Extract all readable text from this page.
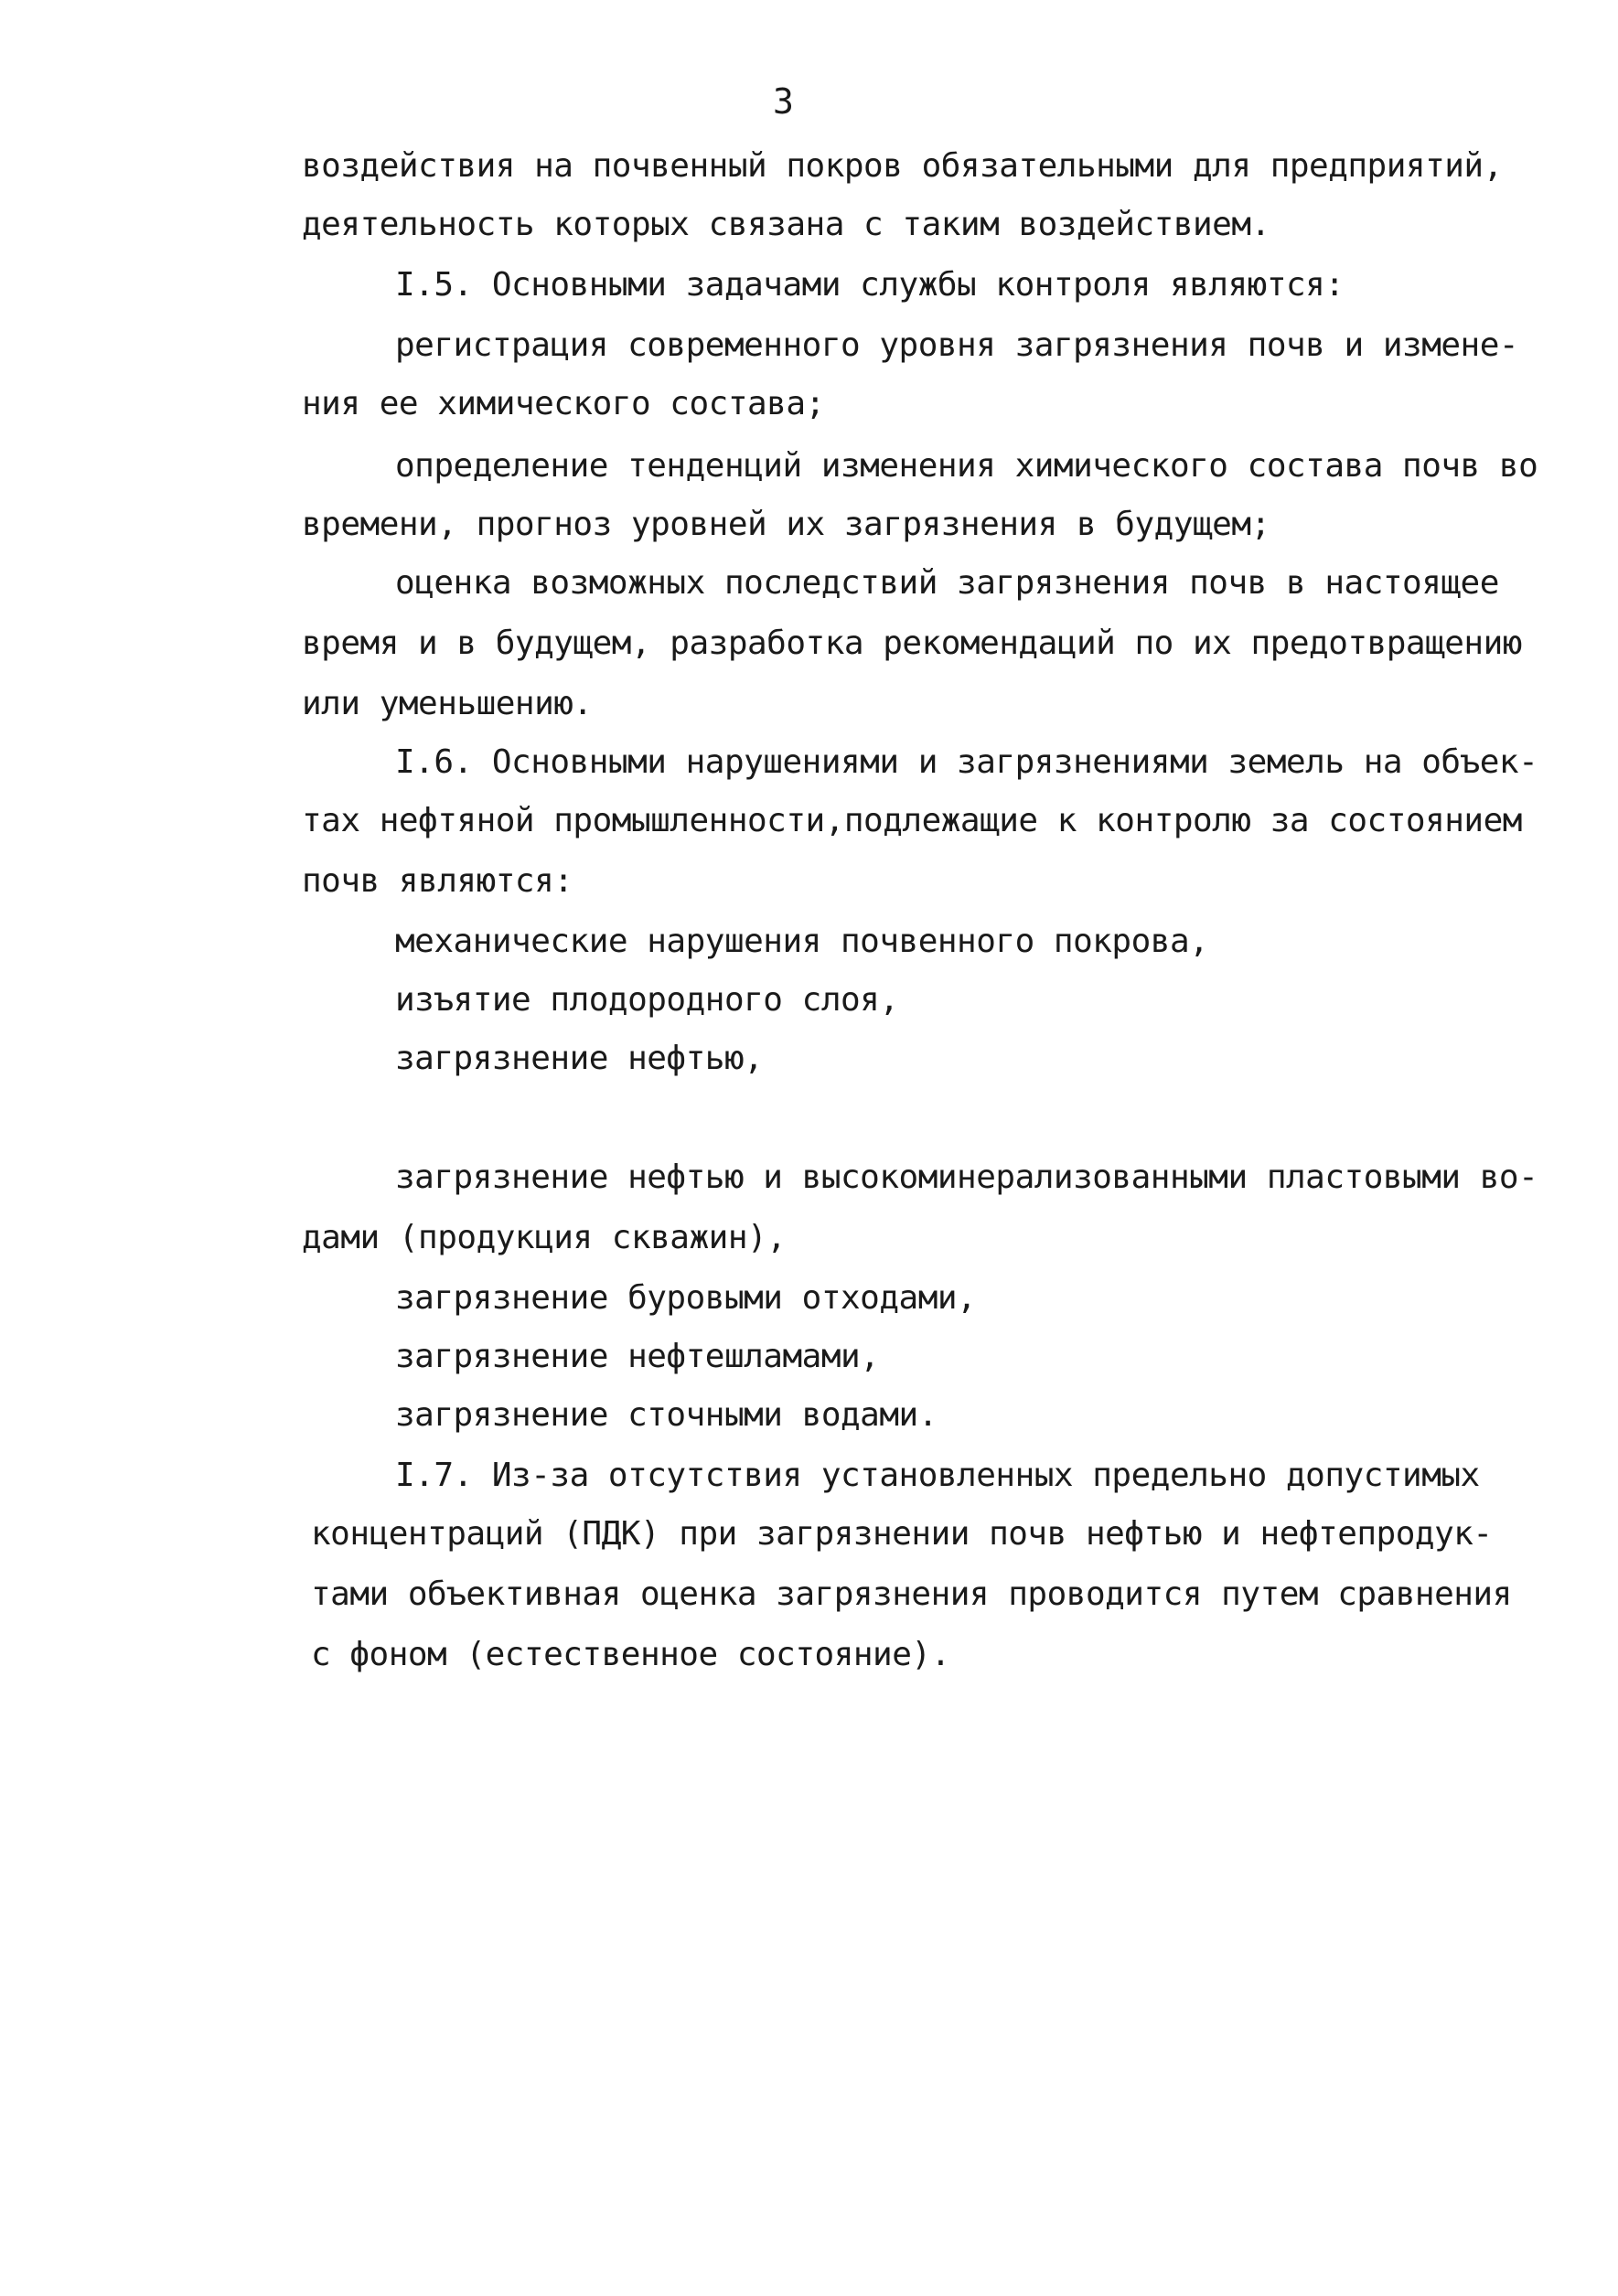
3
воздействия на почвенный покров обязательными для предприятий,
деятельность которых связана с таким воздействием.
I.5. Основными задачами службы контроля являются:
регистрация современного уровня загрязнения почв и измене-
ния ее химического состава;
определение тенденций изменения химического состава почв во
времени, прогноз уровней их загрязнения в будущем;
оценка возможных последствий загрязнения почв в настоящее
время и в будущем, разработка рекомендаций по их предотвращению
или уменьшению.
I.6. Основными нарушениями и загрязнениями земель на объек-
тах нефтяной промышленности,подлежащие к контролю за состоянием
почв являются:
механические нарушения почвенного покрова,
изъятие плодородного слоя,
загрязнение нефтью,
загрязнение нефтью и высокоминерализованными пластовыми во-
дами (продукция скважин),
загрязнение буровыми отходами,
загрязнение нефтешламами,
загрязнение сточными водами.
I.7. Из-за отсутствия установленных предельно допустимых
концентраций (ПДК) при загрязнении почв нефтью и нефтепродук-
тами объективная оценка загрязнения проводится путем сравнения
с фоном (естественное состояние).
